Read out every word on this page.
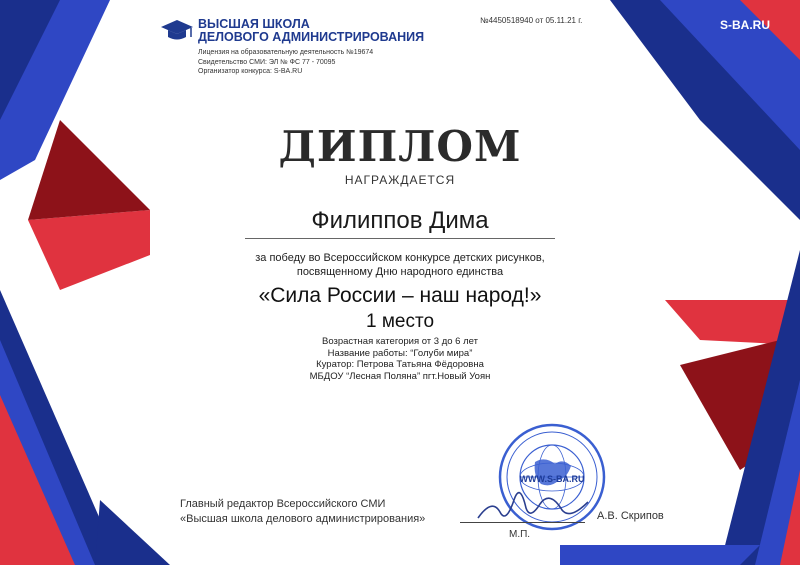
ВЫСШАЯ ШКОЛА
ДЕЛОВОГО АДМИНИСТРИРОВАНИЯ
Лицензия на образовательную деятельность №19674
Свидетельство СМИ: ЭЛ № ФС 77 - 70095
Организатор конкурса: S-BA.RU
№4450518940 от 05.11.21 г.	S-BA.RU
ДИПЛОМ
НАГРАЖДАЕТСЯ
Филиппов Дима
за победу во Всероссийском конкурсе детских рисунков,
посвященному Дню народного единства
«Сила России – наш народ!»
1 место
Возрастная категория от 3 до 6 лет
Название работы: “Голуби мира”
Куратор: Петрова Татьяна Фёдоровна
МБДОУ “Лесная Поляна” пгт.Новый Уоян
Главный редактор Всероссийского СМИ
«Высшая школа делового администрирования»
WWW.S-BA.RU
М.П.
А.В. Скрипов
